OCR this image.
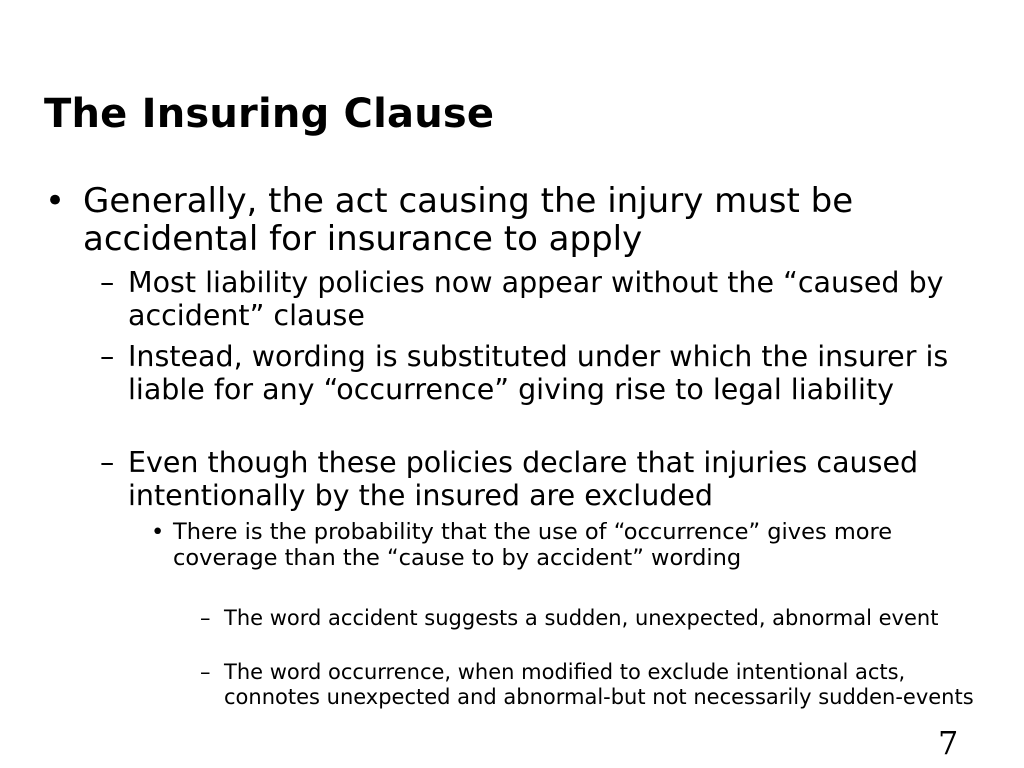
The Insuring Clause
• Generally, the act causing the injury must be accidental for insurance to apply
– Most liability policies now appear without the “caused by accident” clause
– Instead, wording is substituted under which the insurer is liable for any “occurrence” giving rise to legal liability
– Even though these policies declare that injuries caused intentionally by the insured are excluded
• There is the probability that the use of “occurrence” gives more coverage than the “cause to by accident” wording
– The word accident suggests a sudden, unexpected, abnormal event
– The word occurrence, when modified to exclude intentional acts, connotes unexpected and abnormal-but not necessarily sudden-events
7
